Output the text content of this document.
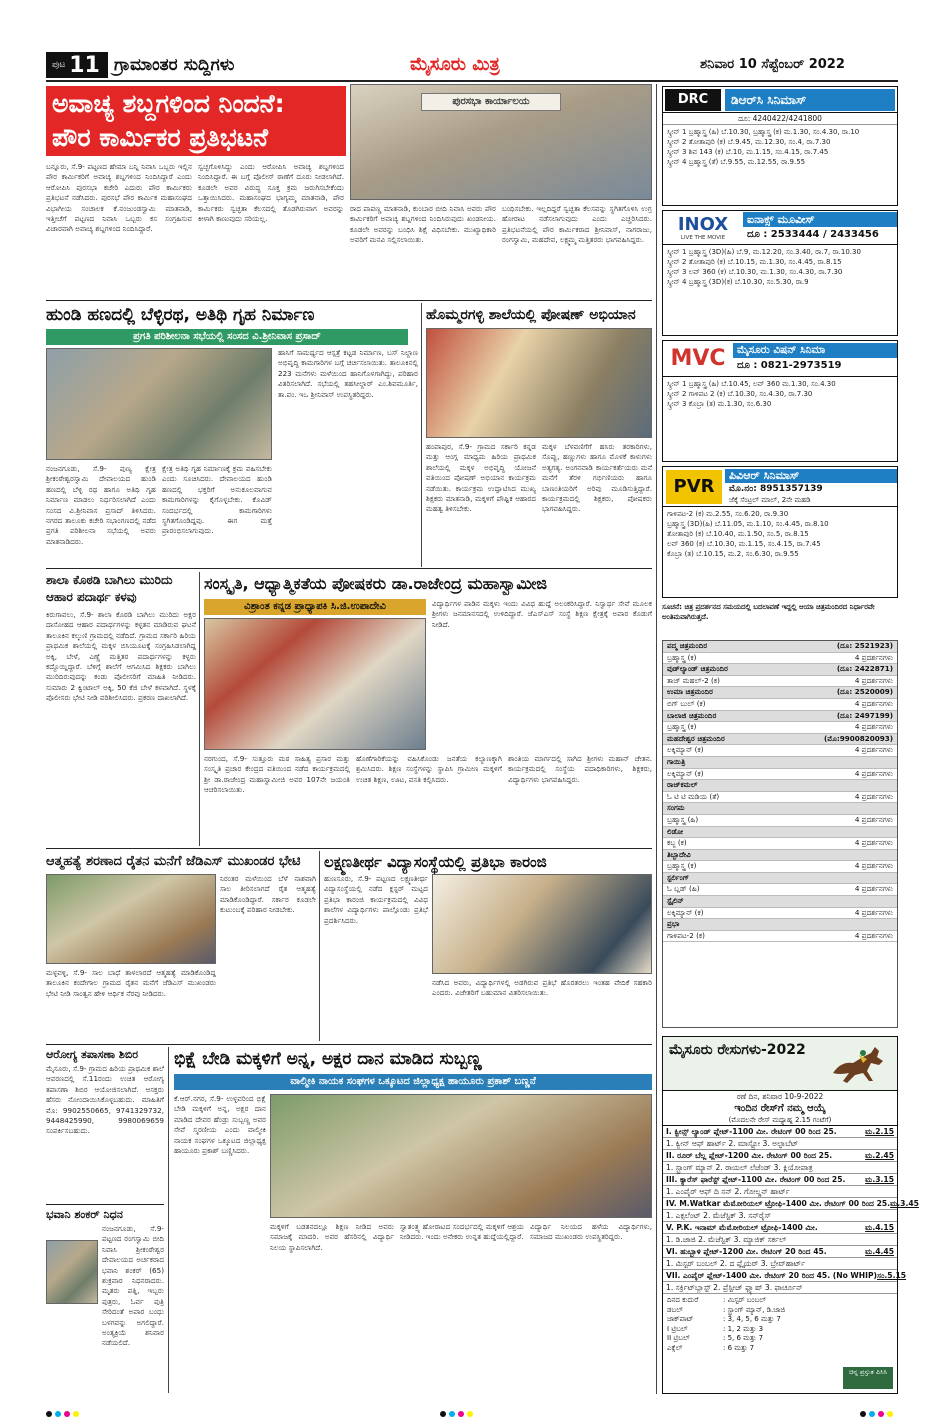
ಪುಟ 11 ಗ್ರಾಮಾಂತರ ಸುದ್ದಿಗಳು	ಮೈಸೂರು ಮಿತ್ರ	ಶನಿವಾರ 10 ಸೆಪ್ಟೆಂಬರ್ 2022
ಅವಾಚ್ಯ ಶಬ್ದಗಳಿಂದ ನಿಂದನೆ:
ಪೌರ ಕಾರ್ಮಿಕರ ಪ್ರತಿಭಟನೆ
ಪುರಸಭಾ ಕಾರ್ಯಾಲಯ
ಬನ್ನೂರು, ಸೆ.9- ಪಟ್ಟಣದ ಹೇಮಾ ಬನ್ನಿ ನಿವಾಸಿ ಒಬ್ಬರು ಇಲ್ಲಿನ ಪೌರ ಕಾರ್ಮಿಕರಿಗೆ ಅವಾಚ್ಯ ಶಬ್ದಗಳಿಂದ ನಿಂದಿಸಿದ್ದಾರೆ ಎಂದು ಆರೋಪಿಸಿ ಪುರಸಭಾ ಕಚೇರಿ ಎದುರು ಪೌರ ಕಾರ್ಮಿಕರು ಪ್ರತಿಭಟನೆ ನಡೆಸಿದರು. ಪುರಸಭೆ ಪೌರ ಕಾರ್ಮಿಕ ಮಹಾಸಂಘದ ವಿಭಾಗೀಯ ಸಂಚಾಲಕ ಕೆ.ನಂಜುಂಡಸ್ವಾಮಿ ಮಾತನಾಡಿ, ಇತ್ತೀಚೆಗೆ ಪಟ್ಟಣದ ನಿವಾಸಿ ಒಬ್ಬರು ಕಸ ಸಂಗ್ರಹಿಸುವ ವಿಚಾರವಾಗಿ ಅವಾಚ್ಯ ಶಬ್ದಗಳಿಂದ ನಿಂದಿಸಿದ್ದಾರೆ.
ಸ್ವಚ್ಛಗೊಳಿಸಿದ್ದು ಎಂದು ಆರೋಪಿಸಿ ಅವಾಚ್ಯ ಶಬ್ದಗಳಿಂದ ನಿಂದಿಸಿದ್ದಾರೆ. ಈ ಬಗ್ಗೆ ಪೊಲೀಸ್ ಠಾಣೆಗೆ ದೂರು ನೀಡಲಾಗಿದೆ. ಕೂಡಲೇ ಅವರ ವಿರುದ್ಧ ಸೂಕ್ತ ಕ್ರಮ ಜರುಗಿಸಬೇಕೆಂದು ಒತ್ತಾಯಿಸಿದರು. ಮಹಾಸಂಘದ ಭಾಗ್ಯಮ್ಮ ಮಾತನಾಡಿ, ಪೌರ ಕಾರ್ಮಿಕರು ಸ್ವಚ್ಛತಾ ಕೆಲಸದಲ್ಲಿ ತೊಡಗಿರುವಾಗ ಅವರನ್ನು ಕೀಳಾಗಿ ಕಾಣುವುದು ಸರಿಯಲ್ಲ.
ರಾದ ಪಾಪಣ್ಣ ಮಾತನಾಡಿ, ಕುಂಬಾರ ಬೀದಿ ನಿವಾಸಿ ಅವರು ಪೌರ ಕಾರ್ಮಿಕರಿಗೆ ಅವಾಚ್ಯ ಶಬ್ದಗಳಿಂದ ನಿಂದಿಸಿರುವುದು ಖಂಡನೀಯ. ಕೂಡಲೇ ಅವರನ್ನು ಬಂಧಿಸಿ ಶಿಕ್ಷೆ ವಿಧಿಸಬೇಕು. ಮುಖ್ಯಾಧಿಕಾರಿ ಅವರಿಗೆ ಮನವಿ ಸಲ್ಲಿಸಲಾಯಿತು.
ಬಂಧಿಸಬೇಕು. ಇಲ್ಲದಿದ್ದರೆ ಸ್ವಚ್ಛತಾ ಕೆಲಸವನ್ನು ಸ್ಥಗಿತಗೊಳಿಸಿ ಉಗ್ರ ಹೋರಾಟ ನಡೆಸಲಾಗುವುದು ಎಂದು ಎಚ್ಚರಿಸಿದರು. ಪ್ರತಿಭಟನೆಯಲ್ಲಿ ಪೌರ ಕಾರ್ಮಿಕರಾದ ಶ್ರೀನಿವಾಸ್, ನಾಗರಾಜು, ರಂಗಸ್ವಾಮಿ, ಮಹದೇವ, ಲಕ್ಷ್ಮಮ್ಮ ಮತ್ತಿತರರು ಭಾಗವಹಿಸಿದ್ದರು.
ಹುಂಡಿ ಹಣದಲ್ಲಿ ಬೆಳ್ಳಿರಥ, ಅತಿಥಿ ಗೃಹ ನಿರ್ಮಾಣ
ಪ್ರಗತಿ ಪರಿಶೀಲನಾ ಸಭೆಯಲ್ಲಿ ಸಂಸದ ವಿ.ಶ್ರೀನಿವಾಸ ಪ್ರಸಾದ್
ಹಾಸಿಗೆ ಸಾಮರ್ಥ್ಯದ ಆಸ್ಪತ್ರೆ ಕಟ್ಟಡ ನಿರ್ಮಾಣ, ಬಸ್ ನಿಲ್ದಾಣ ಅಭಿವೃದ್ಧಿ ಕಾಮಗಾರಿಗಳ ಬಗ್ಗೆ ಚರ್ಚಿಸಲಾಯಿತು. ತಾಲೂಕಿನಲ್ಲಿ 223 ಮನೆಗಳು ಮಳೆಯಿಂದ ಹಾನಿಗೊಳಗಾಗಿದ್ದು, ಪರಿಹಾರ ವಿತರಿಸಲಾಗಿದೆ. ಸಭೆಯಲ್ಲಿ ತಹಸೀಲ್ದಾರ್ ಎಂ.ಶಿವಮೂರ್ತಿ, ತಾ.ಪಂ. ಇಒ ಶ್ರೀನಿವಾಸ್ ಉಪಸ್ಥಿತರಿದ್ದರು.
ನಂಜನಗೂಡು, ಸೆ.9- ಪುಣ್ಯ ಕ್ಷೇತ್ರ ಶ್ರೀಕಂಠೇಶ್ವರಸ್ವಾಮಿ ದೇವಾಲಯದ ಹುಂಡಿ ಹಣದಲ್ಲಿ ಬೆಳ್ಳಿ ರಥ ಹಾಗೂ ಅತಿಥಿ ಗೃಹ ನಿರ್ಮಾಣ ಮಾಡಲು ನಿರ್ಧರಿಸಲಾಗಿದೆ ಎಂದು ಸಂಸದ ವಿ.ಶ್ರೀನಿವಾಸ ಪ್ರಸಾದ್ ತಿಳಿಸಿದರು. ನಗರದ ತಾಲೂಕು ಕಚೇರಿ ಸಭಾಂಗಣದಲ್ಲಿ ನಡೆದ ಪ್ರಗತಿ ಪರಿಶೀಲನಾ ಸಭೆಯಲ್ಲಿ ಅವರು ಮಾತನಾಡಿದರು.
ಕ್ಷೇತ್ರ ಅತಿಥಿ ಗೃಹ ನಿರ್ಮಾಣಕ್ಕೆ ಕ್ರಮ ವಹಿಸಬೇಕು ಎಂದು ಸೂಚಿಸಿದರು. ದೇವಾಲಯದ ಹುಂಡಿ ಹಣದಲ್ಲಿ ಭಕ್ತರಿಗೆ ಅನುಕೂಲವಾಗುವ ಕಾಮಗಾರಿಗಳನ್ನು ಕೈಗೊಳ್ಳಬೇಕು. ಕೊವಿಡ್ ಸಂದರ್ಭದಲ್ಲಿ ಕಾಮಗಾರಿಗಳು ಸ್ಥಗಿತಗೊಂಡಿದ್ದವು. ಈಗ ಮತ್ತೆ ಪ್ರಾರಂಭಿಸಲಾಗುವುದು.
ಹೊಮ್ಮರಗಳ್ಳಿ ಶಾಲೆಯಲ್ಲಿ ಪೋಷಣ್ ಅಭಿಯಾನ
ಹಂಪಾಪುರ, ಸೆ.9- ಗ್ರಾಮದ ಸರ್ಕಾರಿ ಕನ್ನಡ ಮತ್ತು ಆಂಗ್ಲ ಮಾಧ್ಯಮ ಹಿರಿಯ ಪ್ರಾಥಮಿಕ ಶಾಲೆಯಲ್ಲಿ ಮಕ್ಕಳ ಅಭಿವೃದ್ಧಿ ಯೋಜನೆ ವತಿಯಿಂದ ಪೋಷಣ್ ಅಭಿಯಾನ ಕಾರ್ಯಕ್ರಮ ನಡೆಯಿತು. ಕಾರ್ಯಕ್ರಮ ಉದ್ಘಾಟಿಸಿದ ಮುಖ್ಯ ಶಿಕ್ಷಕರು ಮಾತನಾಡಿ, ಮಕ್ಕಳಿಗೆ ಪೌಷ್ಟಿಕ ಆಹಾರದ ಮಹತ್ವ ತಿಳಿಸಬೇಕು.
ಮಕ್ಕಳ ಬೆಳವಣಿಗೆಗೆ ಹಸಿರು ತರಕಾರಿಗಳು, ಸೊಪ್ಪು, ಹಣ್ಣುಗಳು ಹಾಗೂ ಮೊಳಕೆ ಕಾಳುಗಳು ಅತ್ಯಗತ್ಯ. ಅಂಗನವಾಡಿ ಕಾರ್ಯಕರ್ತೆಯರು ಮನೆ ಮನೆಗೆ ತೆರಳಿ ಗರ್ಭಿಣಿಯರು ಹಾಗೂ ಬಾಣಂತಿಯರಿಗೆ ಅರಿವು ಮೂಡಿಸುತ್ತಿದ್ದಾರೆ. ಕಾರ್ಯಕ್ರಮದಲ್ಲಿ ಶಿಕ್ಷಕರು, ಪೋಷಕರು ಭಾಗವಹಿಸಿದ್ದರು.
ಶಾಲಾ ಕೊಠಡಿ ಬಾಗಿಲು ಮುರಿದು ಆಹಾರ ಪದಾರ್ಥ ಕಳವು
ಕಿರುಗಾವಲು, ಸೆ.9- ಶಾಲಾ ಕೊಠಡಿ ಬಾಗಿಲು ಮುರಿದು ಅಕ್ಷರ ದಾಸೋಹದ ಆಹಾರ ಪದಾರ್ಥಗಳನ್ನು ಕಳ್ಳತನ ಮಾಡಿರುವ ಘಟನೆ ತಾಲೂಕಿನ ಕಲ್ಕುಣಿ ಗ್ರಾಮದಲ್ಲಿ ನಡೆದಿದೆ. ಗ್ರಾಮದ ಸರ್ಕಾರಿ ಹಿರಿಯ ಪ್ರಾಥಮಿಕ ಶಾಲೆಯಲ್ಲಿ ಮಕ್ಕಳ ಬಿಸಿಯೂಟಕ್ಕೆ ಸಂಗ್ರಹಿಸಿಡಲಾಗಿದ್ದ ಅಕ್ಕಿ, ಬೇಳೆ, ಎಣ್ಣೆ ಮತ್ತಿತರ ಪದಾರ್ಥಗಳನ್ನು ಕಳ್ಳರು ಕದ್ದೊಯ್ದಿದ್ದಾರೆ. ಬೆಳಿಗ್ಗೆ ಶಾಲೆಗೆ ಆಗಮಿಸಿದ ಶಿಕ್ಷಕರು ಬಾಗಿಲು ಮುರಿದಿರುವುದನ್ನು ಕಂಡು ಪೊಲೀಸರಿಗೆ ಮಾಹಿತಿ ನೀಡಿದರು. ಸುಮಾರು 2 ಕ್ವಿಂಟಾಲ್ ಅಕ್ಕಿ, 50 ಕೆಜಿ ಬೇಳೆ ಕಳವಾಗಿದೆ. ಸ್ಥಳಕ್ಕೆ ಪೊಲೀಸರು ಭೇಟಿ ನೀಡಿ ಪರಿಶೀಲಿಸಿದರು. ಪ್ರಕರಣ ದಾಖಲಾಗಿದೆ.
ಸಂಸ್ಕೃತಿ, ಆಧ್ಯಾತ್ಮಿಕತೆಯ ಪೋಷಕರು ಡಾ.ರಾಜೇಂದ್ರ ಮಹಾಸ್ವಾಮೀಜಿ
ವಿಶ್ರಾಂತ ಕನ್ನಡ ಪ್ರಾಧ್ಯಾಪಕಿ ಸಿ.ಜಿ.ಉಪಾದೇವಿ	ವಿದ್ಯಾರ್ಥಿಗಳ ಪಾಡಿನ ಮಕ್ಕಳು ಇಂದು ವಿವಿಧ ಹುದ್ದೆ ಅಲಂಕರಿಸಿದ್ದಾರೆ. ನಿಸ್ವಾರ್ಥ ಸೇವೆ ಮೂಲಕ ಶ್ರೀಗಳು ಜನಮಾನಸದಲ್ಲಿ ಉಳಿದಿದ್ದಾರೆ. ಜೆಎಸ್ಎಸ್ ಸಂಸ್ಥೆ ಶಿಕ್ಷಣ ಕ್ಷೇತ್ರಕ್ಕೆ ಅಪಾರ ಕೊಡುಗೆ ನೀಡಿದೆ.
ನರಗುಂದ, ಸೆ.9- ಸುತ್ತೂರು ಮಠ ಸಾಹಿತ್ಯ ಪ್ರಸಾರ ಮತ್ತು ಸಂಸ್ಕೃತಿ ಪ್ರಚಾರ ಕೇಂದ್ರದ ವತಿಯಿಂದ ನಡೆದ ಕಾರ್ಯಕ್ರಮದಲ್ಲಿ ಶ್ರೀ ಡಾ.ರಾಜೇಂದ್ರ ಮಹಾಸ್ವಾಮೀಜಿ ಅವರ 107ನೇ ಜಯಂತಿ ಆಚರಿಸಲಾಯಿತು.
ಹೊಣೆಗಾರಿಕೆಯನ್ನು ವಹಿಸಿಕೊಂಡು ಜನತೆಯ ಕಲ್ಯಾಣಕ್ಕಾಗಿ ಶ್ರಮಿಸಿದರು. ಶಿಕ್ಷಣ ಸಂಸ್ಥೆಗಳನ್ನು ಸ್ಥಾಪಿಸಿ ಗ್ರಾಮೀಣ ಮಕ್ಕಳಿಗೆ ಉಚಿತ ಶಿಕ್ಷಣ, ಊಟ, ವಸತಿ ಕಲ್ಪಿಸಿದರು.
ಶಾಂತಿಯ ಮಾರ್ಗದಲ್ಲಿ ಸಾಗಿದ ಶ್ರೀಗಳು ಮಹಾನ್ ಚೇತನ. ಕಾರ್ಯಕ್ರಮದಲ್ಲಿ ಸಂಸ್ಥೆಯ ಪದಾಧಿಕಾರಿಗಳು, ಶಿಕ್ಷಕರು, ವಿದ್ಯಾರ್ಥಿಗಳು ಭಾಗವಹಿಸಿದ್ದರು.
ಆತ್ಮಹತ್ಯೆ ಶರಣಾದ ರೈತನ ಮನೆಗೆ ಜೆಡಿಎಸ್ ಮುಖಂಡರ ಭೇಟಿ
ನಿರಂತರ ಮಳೆಯಿಂದ ಬೆಳೆ ನಾಶವಾಗಿ ಸಾಲ ತೀರಿಸಲಾಗದೆ ರೈತ ಆತ್ಮಹತ್ಯೆ ಮಾಡಿಕೊಂಡಿದ್ದಾರೆ. ಸರ್ಕಾರ ಕೂಡಲೇ ಕುಟುಂಬಕ್ಕೆ ಪರಿಹಾರ ನೀಡಬೇಕು.
ಮಳ್ಳವಳ್ಳಿ, ಸೆ.9- ಸಾಲ ಬಾಧೆ ತಾಳಲಾರದೆ ಆತ್ಮಹತ್ಯೆ ಮಾಡಿಕೊಂಡಿದ್ದ ತಾಲೂಕಿನ ಕಂದೇಗಾಲ ಗ್ರಾಮದ ರೈತನ ಮನೆಗೆ ಜೆಡಿಎಸ್ ಮುಖಂಡರು ಭೇಟಿ ನೀಡಿ ಸಾಂತ್ವನ ಹೇಳಿ ಆರ್ಥಿಕ ನೆರವು ನೀಡಿದರು.
ಲಕ್ಷ್ಮಣತೀರ್ಥ ವಿದ್ಯಾಸಂಸ್ಥೆಯಲ್ಲಿ ಪ್ರತಿಭಾ ಕಾರಂಜಿ
ಹುಣಸೂರು, ಸೆ.9- ಪಟ್ಟಣದ ಲಕ್ಷ್ಮಣತೀರ್ಥ ವಿದ್ಯಾಸಂಸ್ಥೆಯಲ್ಲಿ ನಡೆದ ಕ್ಲಸ್ಟರ್ ಮಟ್ಟದ ಪ್ರತಿಭಾ ಕಾರಂಜಿ ಕಾರ್ಯಕ್ರಮದಲ್ಲಿ ವಿವಿಧ ಶಾಲೆಗಳ ವಿದ್ಯಾರ್ಥಿಗಳು ಪಾಲ್ಗೊಂಡು ಪ್ರತಿಭೆ ಪ್ರದರ್ಶಿಸಿದರು.
ನಡೆಸಿದ ಅವರು, ವಿದ್ಯಾರ್ಥಿಗಳಲ್ಲಿ ಅಡಗಿರುವ ಪ್ರತಿಭೆ ಹೊರತರಲು ಇಂತಹ ವೇದಿಕೆ ಸಹಕಾರಿ ಎಂದರು. ವಿಜೇತರಿಗೆ ಬಹುಮಾನ ವಿತರಿಸಲಾಯಿತು.
ಆರೋಗ್ಯ ತಪಾಸಣಾ ಶಿಬಿರ
ಮೈಸೂರು, ಸೆ.9- ಗ್ರಾಮದ ಹಿರಿಯ ಪ್ರಾಥಮಿಕ ಶಾಲೆ ಆವರಣದಲ್ಲಿ ಸೆ.11ರಂದು ಉಚಿತ ಆರೋಗ್ಯ ತಪಾಸಣಾ ಶಿಬಿರ ಆಯೋಜಿಸಲಾಗಿದೆ. ಆಸಕ್ತರು ಹೆಸರು ನೋಂದಾಯಿಸಿಕೊಳ್ಳಬಹುದು. ಮಾಹಿತಿಗೆ ಮೊ: 9902550665, 9741329732, 9448425990, 9980069659 ಸಂಪರ್ಕಿಸಬಹುದು.
ಭವಾನಿ ಶಂಕರ್ ನಿಧನ
ನಂಜನಗೂಡು, ಸೆ.9- ಪಟ್ಟಣದ ರಂಗಸ್ವಾಮಿ ಬೀದಿ ನಿವಾಸಿ ಶ್ರೀಕಂಠೇಶ್ವರ ದೇವಾಲಯದ ಅರ್ಚಕರಾದ ಭವಾನಿ ಶಂಕರ್ (65) ಶುಕ್ರವಾರ ನಿಧನರಾದರು. ಮೃತರು ಪತ್ನಿ, ಇಬ್ಬರು ಪುತ್ರರು, ಓರ್ವ ಪುತ್ರಿ ಸೇರಿದಂತೆ ಅಪಾರ ಬಂಧು ಬಳಗವನ್ನು ಅಗಲಿದ್ದಾರೆ. ಅಂತ್ಯಕ್ರಿಯೆ ಶನಿವಾರ ನಡೆಯಲಿದೆ.
ಭಿಕ್ಷೆ ಬೇಡಿ ಮಕ್ಕಳಿಗೆ ಅನ್ನ, ಅಕ್ಷರ ದಾನ ಮಾಡಿದ ಸುಬ್ಬಣ್ಣ
ವಾಲ್ಮೀಕಿ ನಾಯಕ ಸಂಘಗಳ ಒಕ್ಕೂಟದ ಜಿಲ್ಲಾಧ್ಯಕ್ಷ ಹಾಯೂರು ಪ್ರಕಾಶ್ ಬಣ್ಣನೆ
ಕೆ.ಆರ್.ನಗರ, ಸೆ.9- ಉಳ್ಳವರಿಂದ ಭಿಕ್ಷೆ ಬೇಡಿ ಮಕ್ಕಳಿಗೆ ಅನ್ನ, ಅಕ್ಷರ ದಾನ ಮಾಡಿದ ದೇವರ ಹೆಂಡ್ರು ಸುಬ್ಬಣ್ಣ ಅವರ ಸೇವೆ ಸ್ಮರಣೀಯ ಎಂದು ವಾಲ್ಮೀಕಿ ನಾಯಕ ಸಂಘಗಳ ಒಕ್ಕೂಟದ ಜಿಲ್ಲಾಧ್ಯಕ್ಷ ಹಾಯೂರು ಪ್ರಕಾಶ್ ಬಣ್ಣಿಸಿದರು.
ಮಕ್ಕಳಿಗೆ ಬಡತನದಲ್ಲೂ ಶಿಕ್ಷಣ ನೀಡಿದ ಅವರು ಸಮಾಜಕ್ಕೆ ಮಾದರಿ. ಅವರ ಹೆಸರಿನಲ್ಲಿ ವಿದ್ಯಾರ್ಥಿ ನಿಲಯ ಸ್ಥಾಪಿಸಲಾಗಿದೆ.
ಸ್ವಾತಂತ್ರ್ಯ ಹೋರಾಟದ ಸಂದರ್ಭದಲ್ಲಿ ಮಕ್ಕಳಿಗೆ ಆಶ್ರಯ ನೀಡಿದರು. ಇಂದು ಅನೇಕರು ಉನ್ನತ ಹುದ್ದೆಯಲ್ಲಿದ್ದಾರೆ.
ವಿದ್ಯಾರ್ಥಿ ನಿಲಯದ ಹಳೆಯ ವಿದ್ಯಾರ್ಥಿಗಳು, ಸಮಾಜದ ಮುಖಂಡರು ಉಪಸ್ಥಿತರಿದ್ದರು.
DRC	ಡಿಆರ್‌ಸಿ ಸಿನಿಮಾಸ್
ದೂ: 4240422/4241800
ಸ್ಕ್ರೀನ್ 1 ಬ್ರಹ್ಮಾಸ್ತ್ರ (ಹಿ) ಬೆ.10.30, ಬ್ರಹ್ಮಾಸ್ತ್ರ (ಕ) ಮ.1.30, ಸಂ.4.30, ರಾ.10
ಸ್ಕ್ರೀನ್ 2 ತೋತಾಪುರಿ (ಕ) ಬೆ.9.45, ಮ.12.30, ಸಂ.4, ರಾ.7.30
ಸ್ಕ್ರೀನ್ 3 ಶಿವ 143 (ಕ) ಬೆ.10, ಮ.1.15, ಸಂ.4.15, ರಾ.7.45
ಸ್ಕ್ರೀನ್ 4 ಬ್ರಹ್ಮಾಸ್ತ್ರ (ತೆ) ಬೆ.9.55, ಮ.12.55, ರಾ.9.55
INOX
LIVE THE MOVIE
ಐನಾಕ್ಸ್ ಮೂವೀಸ್
ದೂ : 2533444 / 2433456
ಸ್ಕ್ರೀನ್ 1 ಬ್ರಹ್ಮಾಸ್ತ್ರ (3D)(ಹಿ) ಬೆ.9, ಮ.12.20, ಸಂ.3.40, ರಾ.7, ರಾ.10.30
ಸ್ಕ್ರೀನ್ 2 ತೋತಾಪುರಿ (ಕ) ಬೆ.10.15, ಮ.1.30, ಸಂ.4.45, ರಾ.8.15
ಸ್ಕ್ರೀನ್ 3 ಲವ್ 360 (ಕ) ಬೆ.10.30, ಮ.1.30, ಸಂ.4.30, ರಾ.7.30
ಸ್ಕ್ರೀನ್ 4 ಬ್ರಹ್ಮಾಸ್ತ್ರ (3D)(ಕ) ಬೆ.10.30, ಸಂ.5.30, ರಾ.9
MVC	ಮೈಸೂರು ವಿಷನ್ ಸಿನಿಮಾ
ದೂ : 0821-2973519
ಸ್ಕ್ರೀನ್ 1 ಬ್ರಹ್ಮಾಸ್ತ್ರ (ಹಿ) ಬೆ.10.45, ಲವ್ 360 ಮ.1.30, ಸಂ.4.30
ಸ್ಕ್ರೀನ್ 2 ಗಾಳಿಪಟ 2 (ಕ) ಬೆ.10.30, ಸಂ.4.30, ರಾ.7.30
ಸ್ಕ್ರೀನ್ 3 ಕೊಬ್ರಾ (ತ) ಮ.1.30, ಸಂ.6.30
PVR
ಪಿವಿಆರ್ ಸಿನಿಮಾಸ್
ಮೊ.ನಂ: 8951357139
ಜೆಕ್ಕೆ ಸೆಂಟ್ರಲ್ ಮಾಲ್, 2ನೇ ಮಹಡಿ
ಗಾಳಿಪಟ-2 (ಕ) ಮ.2.55, ಸಂ.6.20, ರಾ.9.30
ಬ್ರಹ್ಮಾಸ್ತ್ರ (3D)(ಹಿ) ಬೆ.11.05, ಮ.1.10, ಸಂ.4.45, ರಾ.8.10
ತೋತಾಪುರಿ (ಕ) ಬೆ.10.40, ಮ.1.50, ಸಂ.5, ರಾ.8.15
ಲವ್ 360 (ಕ) ಬೆ.10.30, ಮ.1.15, ಸಂ.4.15, ರಾ.7.45
ಕೊಬ್ರಾ (ತ) ಬೆ.10.15, ಮ.2, ಸಂ.6.30, ರಾ.9.55
ಸೂಚನೆ: ಚಿತ್ರ ಪ್ರದರ್ಶನದ ಸಮಯದಲ್ಲಿ ಬದಲಾವಣೆ ಇದ್ದಲ್ಲಿ ಆಯಾ ಚಿತ್ರಮಂದಿರದ ನಿರ್ಧಾರವೇ ಅಂತಿಮವಾಗಿರುತ್ತದೆ.
ಪದ್ಮ ಚಿತ್ರಮಂದಿರ	(ದೂ: 2521923)
ಬ್ರಹ್ಮಾಸ್ತ್ರ (ಕ)	4 ಪ್ರದರ್ಶನಗಳು
ವುಡ್‌ಲ್ಯಾಂಡ್ ಚಿತ್ರಮಂದಿರ	(ದೂ: 2422871)
ತಾಜ್ ಮಹಲ್-2 (ಕ)	4 ಪ್ರದರ್ಶನಗಳು
ಉಮಾ ಚಿತ್ರಮಂದಿರ	(ದೂ: 2520009)
ಬಿಗ್ ಬುಲ್ (ಕ)	4 ಪ್ರದರ್ಶನಗಳು
ಬಾಲಾಜಿ ಚಿತ್ರಮಂದಿರ	(ದೂ: 2497199)
ಬ್ರಹ್ಮಾಸ್ತ್ರ (ಕ)	4 ಪ್ರದರ್ಶನಗಳು
ಮಹದೇಶ್ವರ ಚಿತ್ರಮಂದಿರ	(ಮೊ:9900820093)
ಲಕ್ಕಿಮ್ಯಾನ್ (ಕ)	4 ಪ್ರದರ್ಶನಗಳು
ಗಾಯಿತ್ರಿ
ಲಕ್ಕಿಮ್ಯಾನ್ (ಕ)	4 ಪ್ರದರ್ಶನಗಳು
ರಾಜ್‌ಕಮಲ್
ಓ ಟಿ ಟಿ ಮಡಿಯ (ತೆ)	4 ಪ್ರದರ್ಶನಗಳು
ಸಂಗಮ
ಬ್ರಹ್ಮಾಸ್ತ್ರ (ಹಿ)	4 ಪ್ರದರ್ಶನಗಳು
ಲಿಡೋ
ಕಬ್ಜ (ಕ)	4 ಪ್ರದರ್ಶನಗಳು
ತಿಬ್ಬಾದೇವಿ
ಬ್ರಹ್ಮಾಸ್ತ್ರ (ಕ)	4 ಪ್ರದರ್ಶನಗಳು
ಸ್ಟರ್ಲಿಂಗ್
ಓ ಬ್ಲಡ್ (ಹಿ)	4 ಪ್ರದರ್ಶನಗಳು
ಸ್ಟೈಲಿನ್
ಲಕ್ಕಿಮ್ಯಾನ್ (ಕ)	4 ಪ್ರದರ್ಶನಗಳು
ಪ್ರಭಾ
ಗಾಳಿಪಟ-2 (ಕ)	4 ಪ್ರದರ್ಶನಗಳು
ಮೈಸೂರು ರೇಸುಗಳು-2022
ರಣೆ ದಿನ, ಶನಿವಾರ 10-9-2022
ಇಂದಿನ ರೇಸ್‌ಗೆ ನಮ್ಮ ಆಯ್ಕೆ
(ಮೊದಲನೇ ರೇಸ್ ಮಧ್ಯಾಹ್ನ 2.15 ಗಂಟೆಗೆ)
I. ಕ್ವೀನ್ಸ್ ಲ್ಯಾಂಡ್ ಪ್ಲೇಟ್-1100 ಮೀ. ರೇಟಿಂಗ್ 00 ರಿಂದ 25.	ಮ.2.15
1. ಕ್ವೀನ್ ಆಫ್ ಹಾರ್ಟ್ 2. ಮಾಸ್ಟ್ರೋ 3. ಅಲ್ಫಾಬೆಟ್
II. ರೂರ್ ಬೆಲ್ಲ ಪ್ಲೇಟ್-1200 ಮೀ. ರೇಟಿಂಗ್ 00 ರಿಂದ 25.	ಮ.2.45
1. ಸ್ಟ್ರಾಂಗ್ ಮ್ಯಾನ್ 2. ರಾಯಲ್ ಲೆಜೆಂಡ್ 3. ಕ್ಲಿಯೋಪಾತ್ರ
III. ಕ್ಯಾರೆಸ್ ಫಾರೆಸ್ಟ್ ಪ್ಲೇಟ್-1100 ಮೀ. ರೇಟಿಂಗ್ 00 ರಿಂದ 25.	ಮ.3.15
1. ಎಂಪೈರ್ ಆಫ್ ದಿ ಸನ್ 2. ಗೋಲ್ಡನ್ ಹಾರ್ಟ್
IV. M.Watkar ಮೆಮೋರಿಯಲ್ ಟ್ರೋಫಿ-1400 ಮೀ. ರೇಟಿಂಗ್ 00 ರಿಂದ 25. ಮ.3.45
1. ಎಕ್ಸಲೆಂಟ್ 2. ಮೆಜೆಸ್ಟಿಕ್ 3. ಸನ್‌ರೈಸ್
V. P.K. ಇನಾಮ್ ಮೆಮೋರಿಯಲ್ ಟ್ರೋಫಿ-1400 ಮೀ.	ಮ.4.15
1. ಡಿ.ಜಾಜಿ 2. ಮೆಜೆಸ್ಟಿಕ್ 3. ಮ್ಯಾಜಿಕ್ ಸರ್ಕಲ್
VI. ಹುಬ್ಬಾಳಿ ಪ್ಲೇಟ್-1200 ಮೀ. ರೇಟಿಂಗ್ 20 ರಿಂದ 45.	ಮ.4.45
1. ಮಿಸ್ಟರ್ ಬಂಬಲ್ 2. ದ ಫ್ಲೈಯರ್ 3. ಬ್ರೇವ್‌ಹಾರ್ಟ್
VII. ಎಂಪೈರ್ ಪ್ಲೇಟ್-1400 ಮೀ. ರೇಟಿಂಗ್ 20 ರಿಂದ 45. (No WHIP) ಸಂ.5.15
1. ಸರ್ಕ್ರಿಟ್‌ಬ್ಲಾಸ್ಟ್ 2. ಪ್ರೆಸ್ಟೀಜ್ ಫ್ಲ್ಯಾಷ್ 3. ಫಾರ್ಚೂನ್
ದಿನದ ಕುದುರೆ	: ಮಿಸ್ಟರ್ ಬಂಬಲ್
ಡಬಲ್	: ಸ್ಟ್ರಾಂಗ್ ಮ್ಯಾನ್, ಡಿ.ಜಾಜಿ
ಜಾಕ್‌ಪಾಟ್	: 3, 4, 5, 6 ಮತ್ತು 7
I ಟ್ರಿಬಲ್	: 1, 2 ಮತ್ತು 3
II ಟ್ರಿಬಲ್	: 5, 6 ಮತ್ತು 7
ಎಕ್ಸೆಲ್	: 6 ಮತ್ತು 7
ಚಿನ್ನ ಪ್ರಸ್ತುತ ಪಿಸಿಸಿ
